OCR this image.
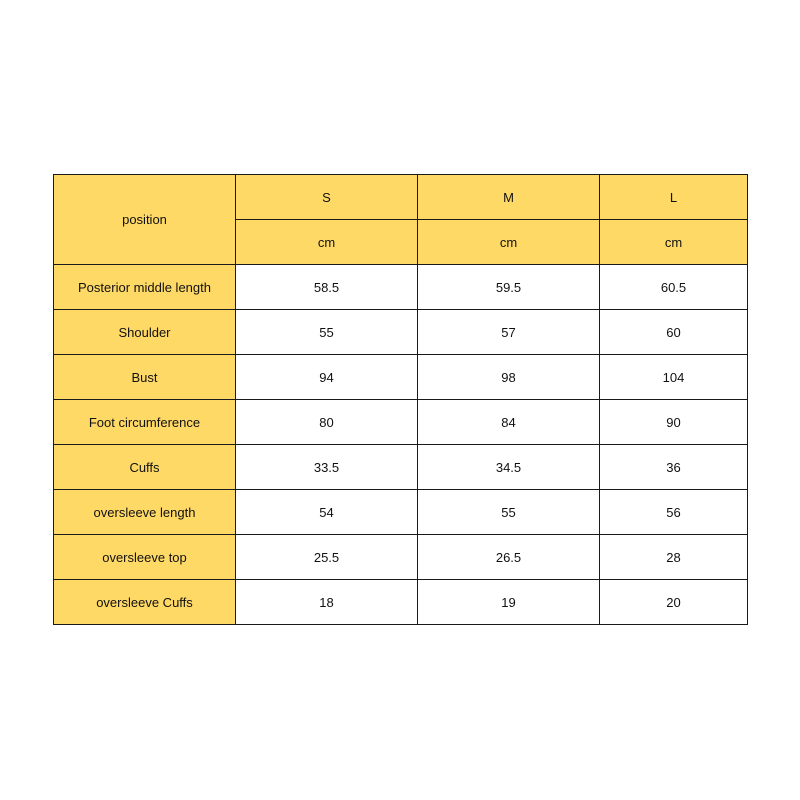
position	S	M	L
	cm	cm	cm
Posterior middle length	58.5	59.5	60.5
Shoulder	55	57	60
Bust	94	98	104
Foot circumference	80	84	90
Cuffs	33.5	34.5	36
oversleeve length	54	55	56
oversleeve top	25.5	26.5	28
oversleeve Cuffs	18	19	20
